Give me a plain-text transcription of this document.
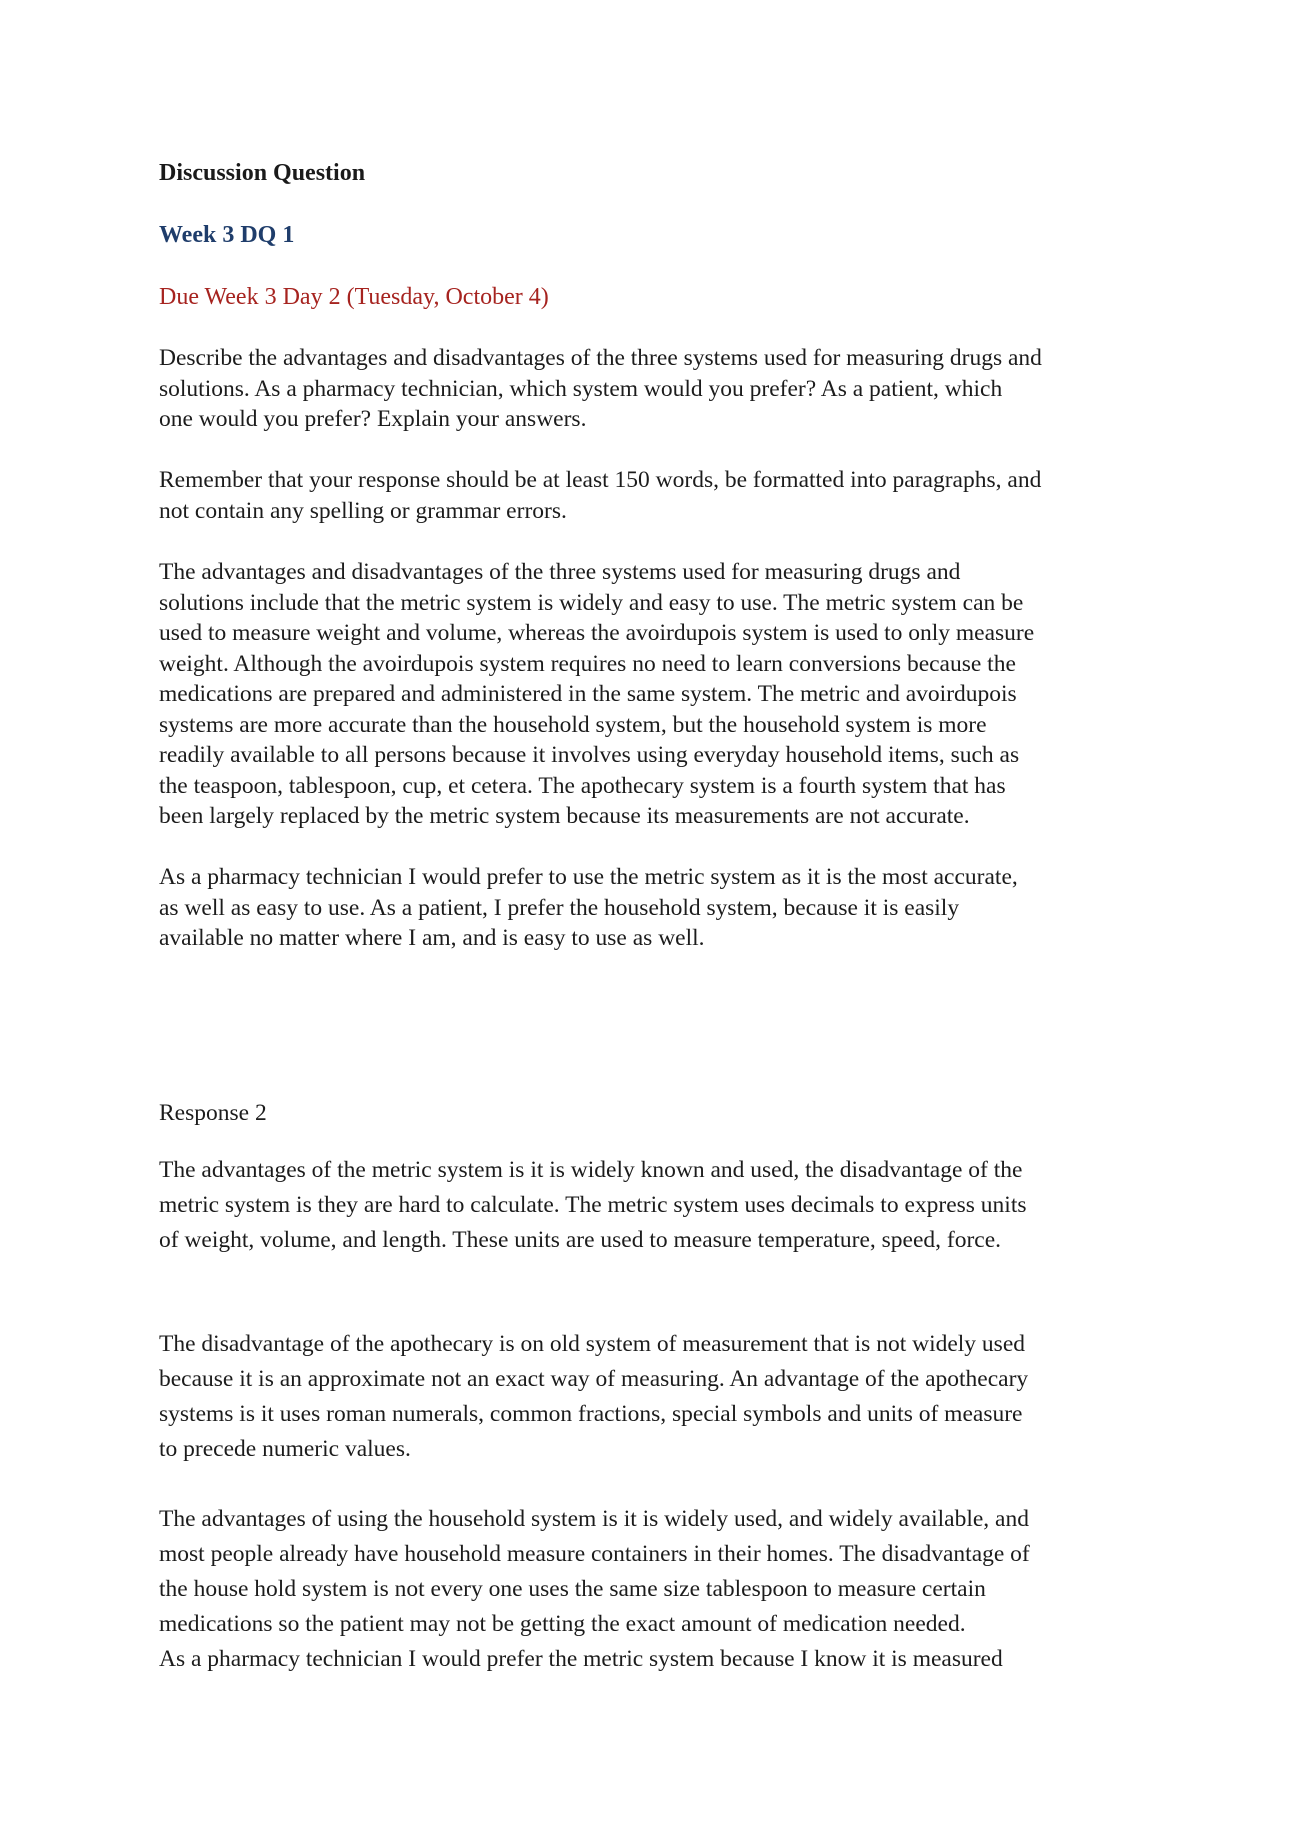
Discussion Question
Week 3 DQ 1
Due Week 3 Day 2 (Tuesday, October 4)

Describe the advantages and disadvantages of the three systems used for measuring drugs and
solutions. As a pharmacy technician, which system would you prefer? As a patient, which
one would you prefer? Explain your answers.

Remember that your response should be at least 150 words, be formatted into paragraphs, and
not contain any spelling or grammar errors.

The advantages and disadvantages of the three systems used for measuring drugs and
solutions include that the metric system is widely and easy to use. The metric system can be
used to measure weight and volume, whereas the avoirdupois system is used to only measure
weight. Although the avoirdupois system requires no need to learn conversions because the
medications are prepared and administered in the same system. The metric and avoirdupois
systems are more accurate than the household system, but the household system is more
readily available to all persons because it involves using everyday household items, such as
the teaspoon, tablespoon, cup, et cetera. The apothecary system is a fourth system that has
been largely replaced by the metric system because its measurements are not accurate.

As a pharmacy technician I would prefer to use the metric system as it is the most accurate,
as well as easy to use. As a patient, I prefer the household system, because it is easily
available no matter where I am, and is easy to use as well.

Response 2

The advantages of the metric system is it is widely known and used, the disadvantage of the
metric system is they are hard to calculate. The metric system uses decimals to express units
of weight, volume, and length. These units are used to measure temperature, speed, force.

The disadvantage of the apothecary is on old system of measurement that is not widely used
because it is an approximate not an exact way of measuring. An advantage of the apothecary
systems is it uses roman numerals, common fractions, special symbols and units of measure
to precede numeric values.

The advantages of using the household system is it is widely used, and widely available, and
most people already have household measure containers in their homes. The disadvantage of
the house hold system is not every one uses the same size tablespoon to measure certain
medications so the patient may not be getting the exact amount of medication needed.
As a pharmacy technician I would prefer the metric system because I know it is measured
